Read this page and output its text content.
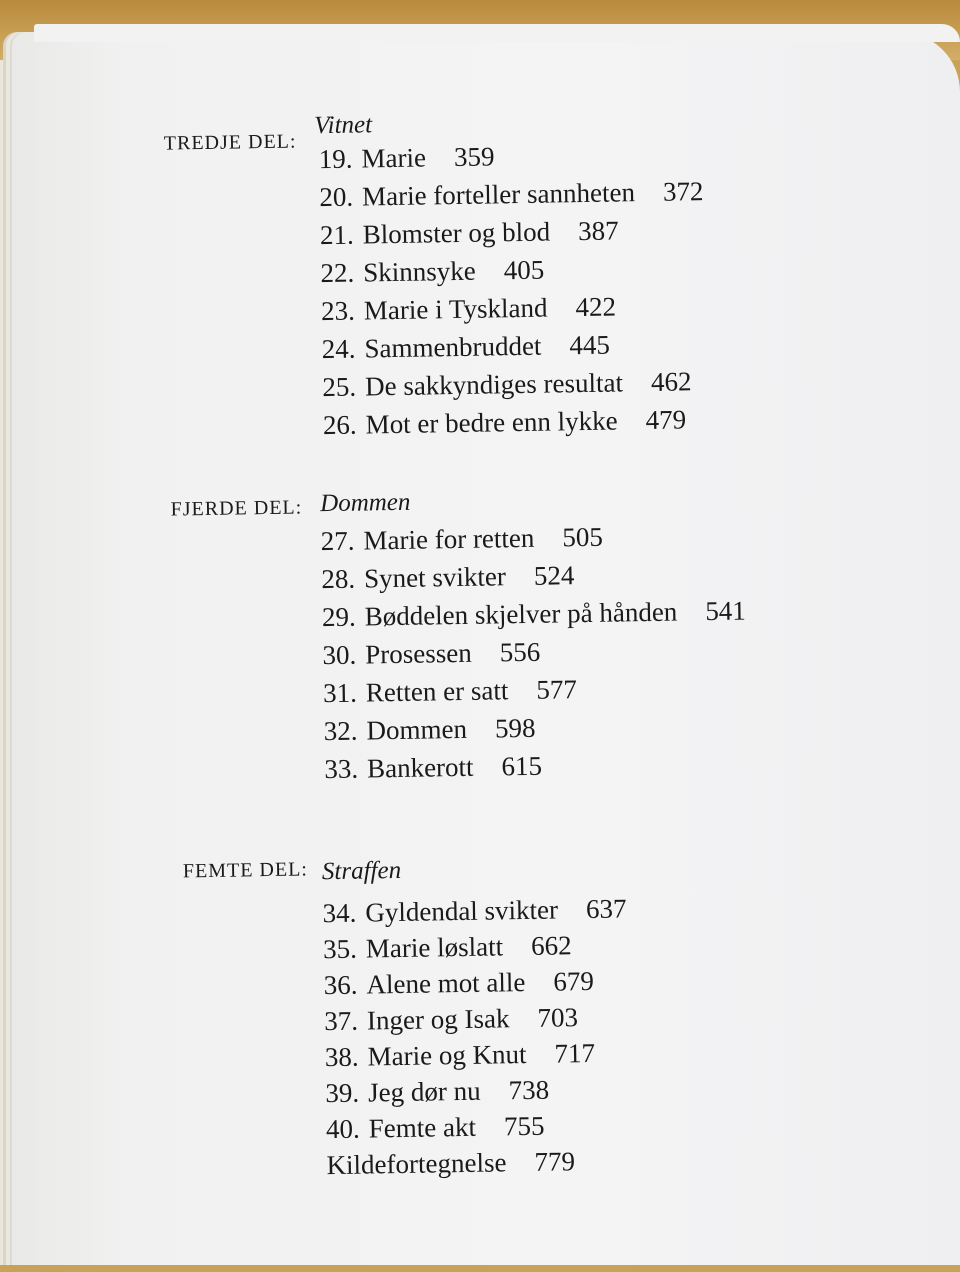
TREDJE DEL:
Vitnet
19. Marie 359
20. Marie forteller sannheten 372
21. Blomster og blod 387
22. Skinnsyke 405
23. Marie i Tyskland 422
24. Sammenbruddet 445
25. De sakkyndiges resultat 462
26. Mot er bedre enn lykke 479
FJERDE DEL: Dommen
27. Marie for retten 505
28. Synet svikter 524
29. Bøddelen skjelver på hånden 541
30. Prosessen 556
31. Retten er satt 577
32. Dommen 598
33. Bankerott 615
FEMTE DEL: Straffen
34. Gyldendal svikter 637
35. Marie løslatt 662
36. Alene mot alle 679
37. Inger og Isak 703
38. Marie og Knut 717
39. Jeg dør nu 738
40. Femte akt 755
Kildefortegnelse 779
